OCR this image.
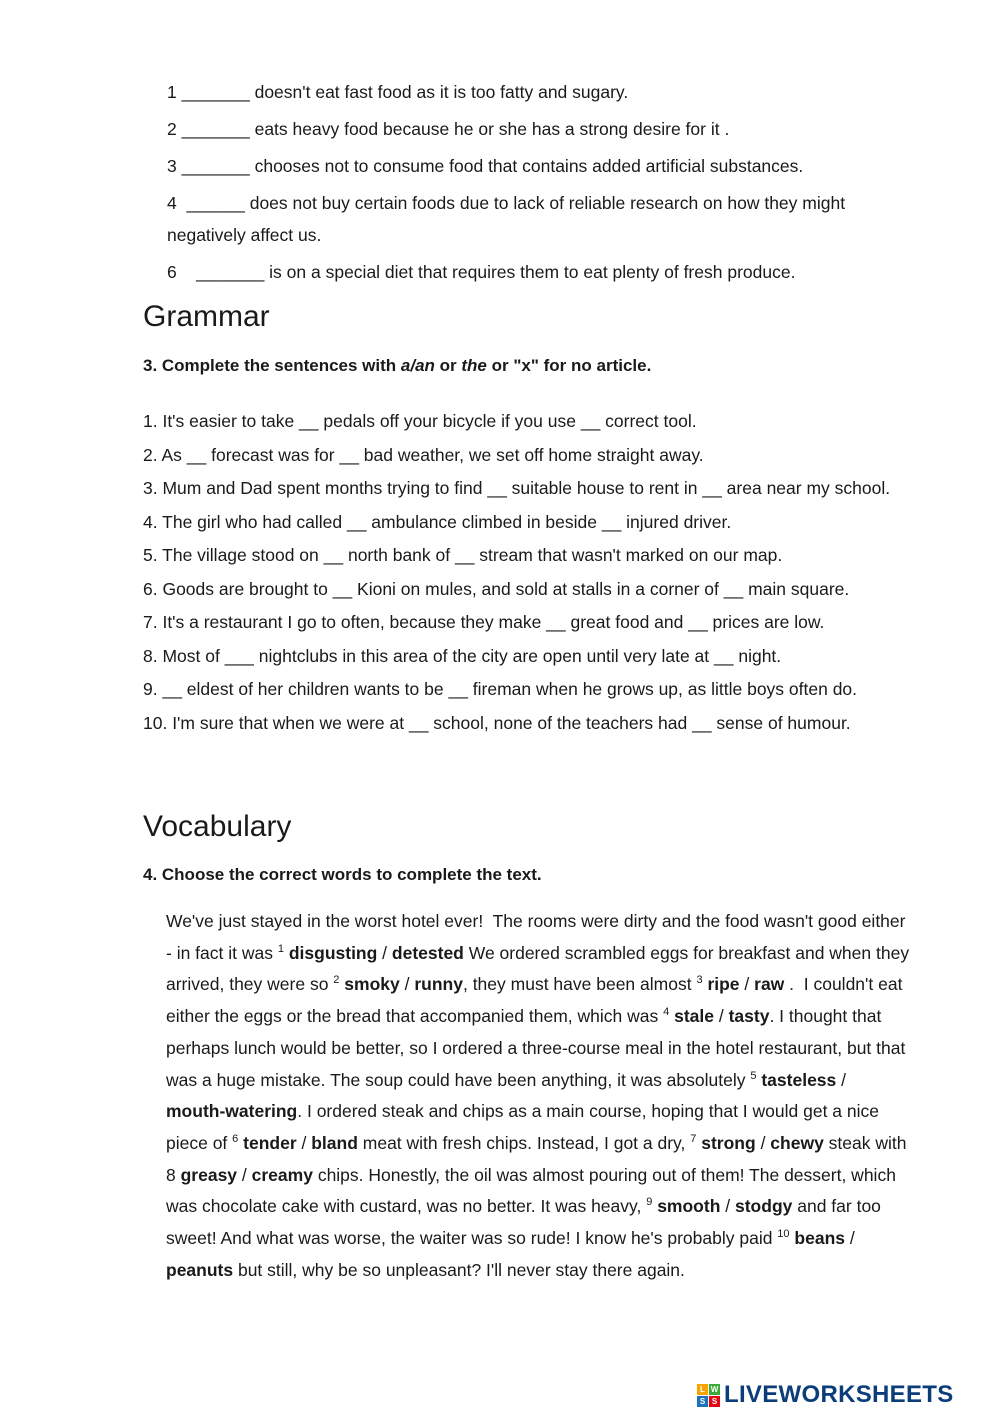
1 _______ doesn't eat fast food as it is too fatty and sugary.
2 _______ eats heavy food because he or she has a strong desire for it .
3 _______ chooses not to consume food that contains added artificial substances.
4  ______ does not buy certain foods due to lack of reliable research on how they might
negatively affect us.
6    _______ is on a special diet that requires them to eat plenty of fresh produce.
Grammar
3. Complete the sentences with a/an or the or "x" for no article.
1. It's easier to take __ pedals off your bicycle if you use __ correct tool.
2. As __ forecast was for __ bad weather, we set off home straight away.
3. Mum and Dad spent months trying to find __ suitable house to rent in __ area near my school.
4. The girl who had called __ ambulance climbed in beside __ injured driver.
5. The village stood on __ north bank of __ stream that wasn't marked on our map.
6. Goods are brought to __ Kioni on mules, and sold at stalls in a corner of __ main square.
7. It's a restaurant I go to often, because they make __ great food and __ prices are low.
8. Most of ___ nightclubs in this area of the city are open until very late at __ night.
9. __ eldest of her children wants to be __ fireman when he grows up, as little boys often do.
10. I'm sure that when we were at __ school, none of the teachers had __ sense of humour.
Vocabulary
4. Choose the correct words to complete the text.
We've just stayed in the worst hotel ever!  The rooms were dirty and the food wasn't good either
- in fact it was $^1$ disgusting / detested We ordered scrambled eggs for breakfast and when they
arrived, they were so $^2$ smoky / runny, they must have been almost $^3$ ripe / raw .  I couldn't eat
either the eggs or the bread that accompanied them, which was $^4$ stale / tasty. I thought that
perhaps lunch would be better, so I ordered a three-course meal in the hotel restaurant, but that
was a huge mistake. The soup could have been anything, it was absolutely $^5$ tasteless /
mouth-watering. I ordered steak and chips as a main course, hoping that I would get a nice
piece of $^6$ tender / bland meat with fresh chips. Instead, I got a dry, $^7$ strong / chewy steak with
8 greasy / creamy chips. Honestly, the oil was almost pouring out of them! The dessert, which
was chocolate cake with custard, was no better. It was heavy, $^9$ smooth / stodgy and far too
sweet! And what was worse, the waiter was so rude! I know he's probably paid $^{10}$ beans /
peanuts but still, why be so unpleasant? I'll never stay there again.
L W
S S LIVEWORKSHEETS
